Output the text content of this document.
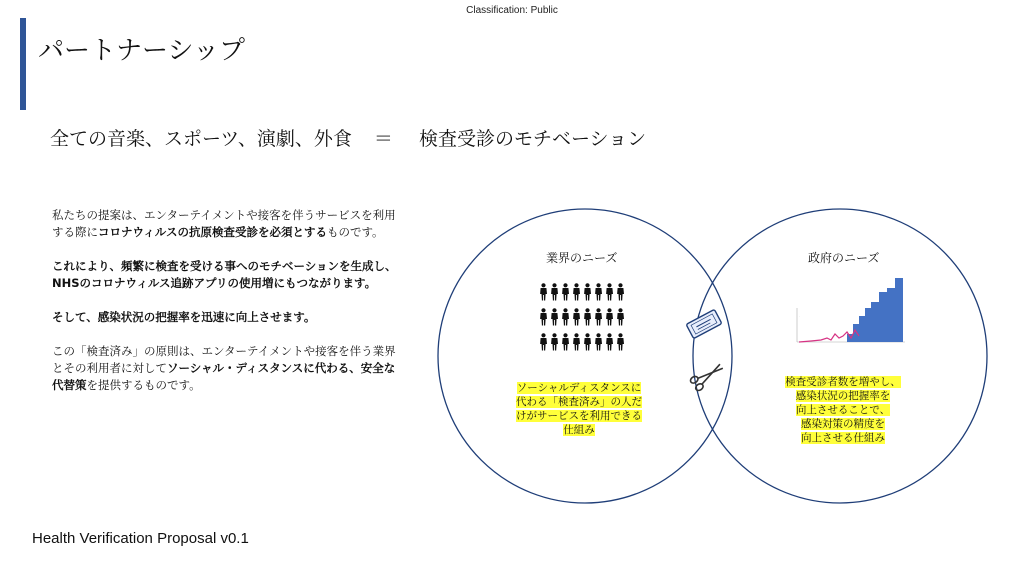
Classification: Public
パートナーシップ
全ての音楽、スポーツ、演劇、外食 ＝ 検査受診のモチベーション

私たちの提案は、エンターテイメントや接客を伴うサービスを利用する際にコロナウィルスの抗原検査受診を必須とするものです。

これにより、頻繁に検査を受ける事へのモチベーションを生成し、NHSのコロナウィルス追跡アプリの使用増にもつながります。

そして、感染状況の把握率を迅速に向上させます。

この「検査済み」の原則は、エンターテイメントや接客を伴う業界とその利用者に対してソーシャル・ディスタンスに代わる、安全な代替策を提供するものです。

Health Verification Proposal v0.1
·
業界のニーズ	政府のニーズ
ソーシャルディスタンスに
代わる「検査済み」の人だ
けがサービスを利用できる
仕組み
検査受診者数を増やし、
感染状況の把握率を
向上させることで、
感染対策の精度を
向上させる仕組み
